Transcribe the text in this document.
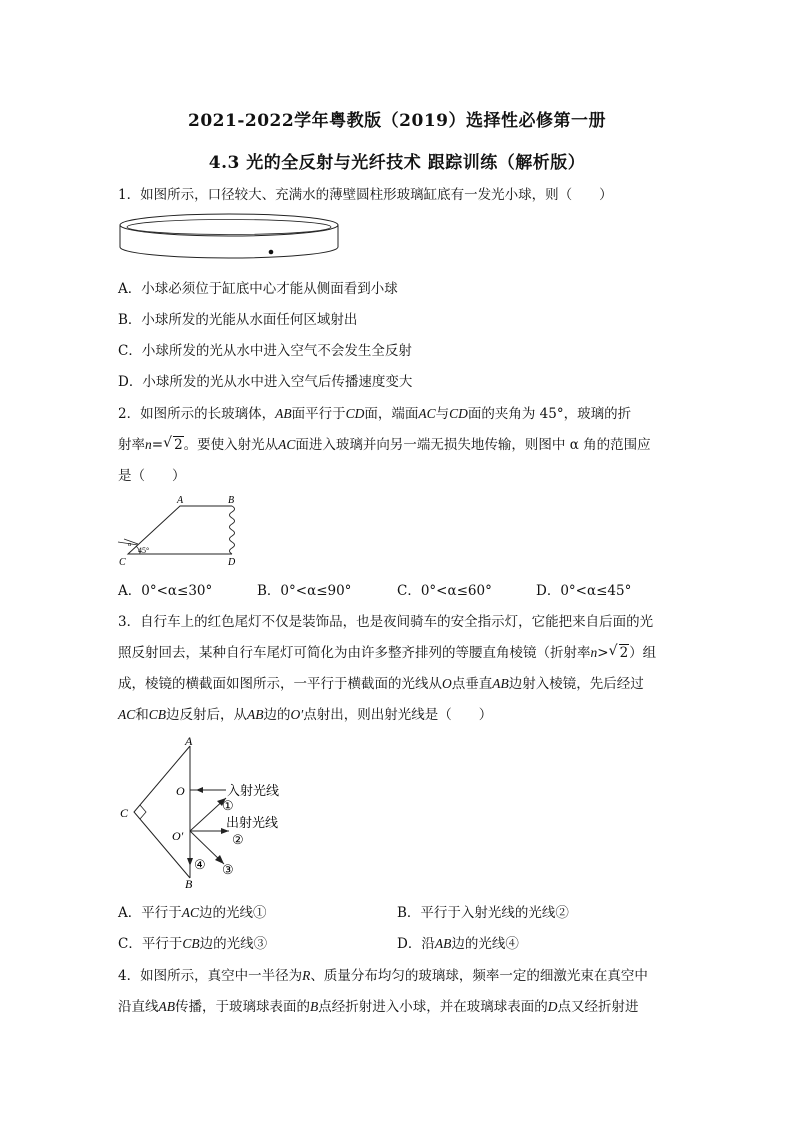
2021-2022学年粤教版（2019）选择性必修第一册
4.3 光的全反射与光纤技术 跟踪训练（解析版）
1．如图所示，口径较大、充满水的薄壁圆柱形玻璃缸底有一发光小球，则（　　）
A．小球必须位于缸底中心才能从侧面看到小球
B．小球所发的光能从水面任何区域射出
C．小球所发的光从水中进入空气不会发生全反射
D．小球所发的光从水中进入空气后传播速度变大
2．如图所示的长玻璃体，AB面平行于CD面，端面AC与CD面的夹角为 45°，玻璃的折
射率n= √ 2。要使入射光从AC面进入玻璃并向另一端无损失地传输，则图中 α 角的范围应
是（　　）
A	B
C	D
45°
α
A．0°<α≤30°	B．0°<α≤90°	C．0°<α≤60°	D．0°<α≤45°
3．自行车上的红色尾灯不仅是装饰品，也是夜间骑车的安全指示灯，它能把来自后面的光
照反射回去，某种自行车尾灯可简化为由许多整齐排列的等腰直角棱镜（折射率n> √ 2）组
成，棱镜的横截面如图所示，一平行于横截面的光线从O点垂直AB边射入棱镜，先后经过
AC和CB边反射后，从AB边的O′点射出，则出射光线是（　　）
A
B
C
O
O′
入射光线
出射光线
①
②
③
④
A．平行于AC边的光线①	B．平行于入射光线的光线②
C．平行于CB边的光线③	D．沿AB边的光线④
4．如图所示，真空中一半径为R、质量分布均匀的玻璃球，频率一定的细激光束在真空中
沿直线AB传播，于玻璃球表面的B点经折射进入小球，并在玻璃球表面的D点又经折射进
